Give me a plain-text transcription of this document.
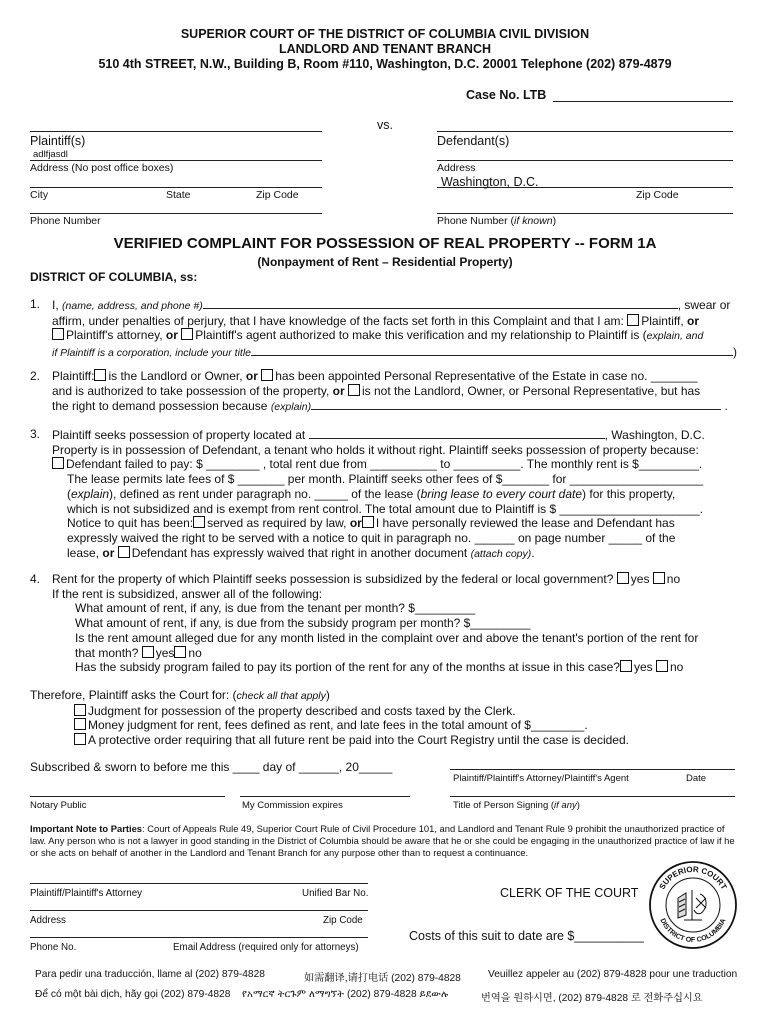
SUPERIOR COURT OF THE DISTRICT OF COLUMBIA CIVIL DIVISION
LANDLORD AND TENANT BRANCH
510 4th STREET, N.W., Building B, Room #110, Washington, D.C. 20001 Telephone (202) 879-4879
Case No. LTB
vs.
Plaintiff(s)
adlfjasdl
Address (No post office boxes)
City	State	Zip Code
Phone Number
Defendant(s)
Address
Washington, D.C.
Zip Code
Phone Number (if known)
VERIFIED COMPLAINT FOR POSSESSION OF REAL PROPERTY -- FORM 1A
(Nonpayment of Rent – Residential Property)
DISTRICT OF COLUMBIA, ss:
1. I, (name, address, and phone #)	, swear or
affirm, under penalties of perjury, that I have knowledge of the facts set forth in this Complaint and that I am: Plaintiff, or
Plaintiff's attorney, or Plaintiff's agent authorized to make this verification and my relationship to Plaintiff is (explain, and
if Plaintiff is a corporation, include your title	)
2. Plaintiff: is the Landlord or Owner, or has been appointed Personal Representative of the Estate in case no. _______
and is authorized to take possession of the property, or is not the Landlord, Owner, or Personal Representative, but has
the right to demand possession because (explain)	.
3. Plaintiff seeks possession of property located at	, Washington, D.C.
Property is in possession of Defendant, a tenant who holds it without right. Plaintiff seeks possession of property because:
Defendant failed to pay: $ ________ , total rent due from __________ to __________. The monthly rent is $_________.
The lease permits late fees of $ _______ per month. Plaintiff seeks other fees of $_______ for ____________________
(explain), defined as rent under paragraph no. _____ of the lease (bring lease to every court date) for this property,
which is not subsidized and is exempt from rent control. The total amount due to Plaintiff is $ _____________________.
Notice to quit has been: served as required by law, or I have personally reviewed the lease and Defendant has
expressly waived the right to be served with a notice to quit in paragraph no. ______ on page number _____ of the
lease, or Defendant has expressly waived that right in another document (attach copy).
4. Rent for the property of which Plaintiff seeks possession is subsidized by the federal or local government? yes no
If the rent is subsidized, answer all of the following:
What amount of rent, if any, is due from the tenant per month? $_________
What amount of rent, if any, is due from the subsidy program per month? $_________
Is the rent amount alleged due for any month listed in the complaint over and above the tenant's portion of the rent for
that month? yes no
Has the subsidy program failed to pay its portion of the rent for any of the months at issue in this case? yes no
Therefore, Plaintiff asks the Court for: (check all that apply)
Judgment for possession of the property described and costs taxed by the Clerk.
Money judgment for rent, fees defined as rent, and late fees in the total amount of $________.
A protective order requiring that all future rent be paid into the Court Registry until the case is decided.
Subscribed & sworn to before me this ____ day of ______, 20_____
Plaintiff/Plaintiff's Attorney/Plaintiff's Agent	Date
Notary Public	My Commission expires	Title of Person Signing (if any)
Important Note to Parties: Court of Appeals Rule 49, Superior Court Rule of Civil Procedure 101, and Landlord and Tenant Rule 9 prohibit the unauthorized practice of law. Any person who is not a lawyer in good standing in the District of Columbia should be aware that he or she could be engaging in the unauthorized practice of law if he or she acts on behalf of another in the Landlord and Tenant Branch for any purpose other than to request a continuance.
Plaintiff/Plaintiff's Attorney	Unified Bar No.
Address	Zip Code
Phone No.	Email Address (required only for attorneys)
CLERK OF THE COURT
Costs of this suit to date are $__________
SUPERIOR COURT
DISTRICT OF COLUMBIA
Para pedir una traducción, llame al (202) 879-4828	如需翻译,请打电话 (202) 879-4828	Veuillez appeler au (202) 879-4828 pour une traduction
Để có một bài dịch, hãy gọi (202) 879-4828 የአማርኛ ትርጉም ለማግኘት (202) 879-4828 ይደውሉ	번역을 원하시면, (202) 879-4828 로 전화주십시요
